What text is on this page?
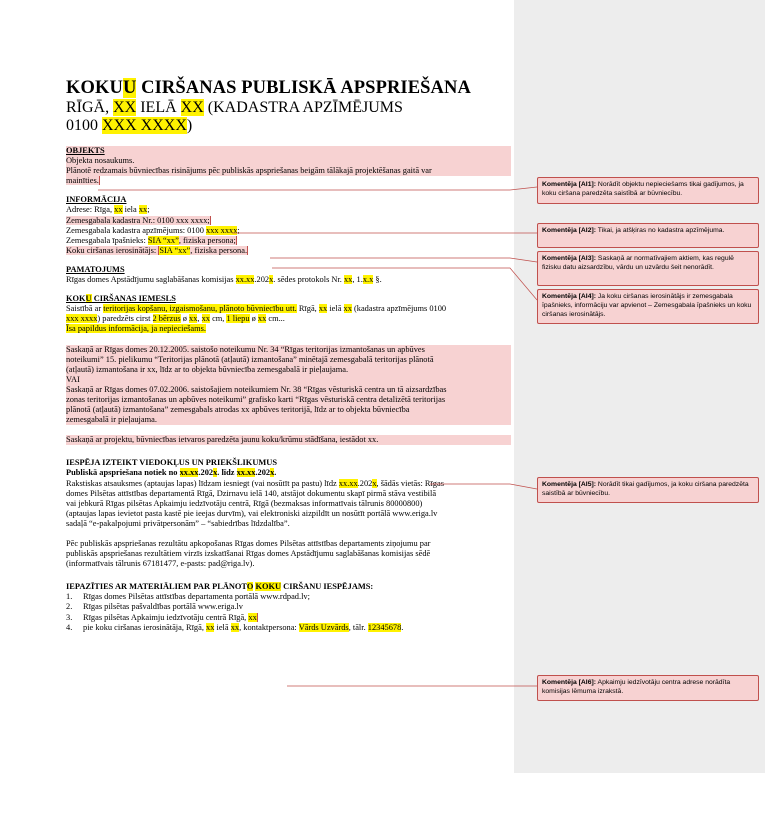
KOKUU CIRŠANAS PUBLISKĀ APSPRIEŠANA

RĪGĀ, XX IELĀ XX (KADASTRA APZĪMĒJUMS

0100 XXX XXXX)

OBJEKTS
Objekta nosaukums.
Plānotē redzamais būvniecības risinājums pēc publiskās apspriešanas beigām tālākajā projektēšanas gaitā var
mainīties.
INFORMĀCIJA
Adrese: Rīga, xx iela xx;
Zemesgabala kadastra Nr.: 0100 xxx xxxx;
Zemesgabala kadastra apzīmējums: 0100 xxx xxxx;
Zemesgabala īpašnieks: SIA “xx”, fiziska persona;
Koku ciršanas ierosinātājs: SIA “xx”, fiziska persona.
PAMATOJUMS
Rīgas domes Apstādījumu saglabāšanas komisijas xx.xx.202x. sēdes protokols Nr. xx, 1.x.x §.
KOKU CIRŠANAS IEMESLS
Saistībā ar teritorijas kopšanu, izgaismošanu, plānoto būvniecību utt. Rīgā, xx ielā xx (kadastra apzīmējums 0100
xxx xxxx) paredzēts cirst 2 bērzus ø xx, xx cm, 1 liepu ø xx cm...
Īsa papildus informācija, ja nepieciešams.
Saskaņā ar Rīgas domes 20.12.2005. saistošo noteikumu Nr. 34 “Rīgas teritorijas izmantošanas un apbūves
noteikumi” 15. pielikumu “Teritorijas plānotā (atļautā) izmantošana” minētajā zemesgabalā teritorijas plānotā
(atļautā) izmantošana ir xx, līdz ar to objekta būvniecība zemesgabalā ir pieļaujama.
VAI
Saskaņā ar Rīgas domes 07.02.2006. saistošajiem noteikumiem Nr. 38 “Rīgas vēsturiskā centra un tā aizsardzības
zonas teritorijas izmantošanas un apbūves noteikumi” grafisko karti “Rīgas vēsturiskā centra detalizētā teritorijas
plānotā (atļautā) izmantošana” zemesgabals atrodas xx apbūves teritorijā, līdz ar to objekta būvniecība
zemesgabalā ir pieļaujama.
Saskaņā ar projektu, būvniecības ietvaros paredzēta jaunu koku/krūmu stādīšana, iestādot xx.
IESPĒJA IZTEIKT VIEDOKĻUS UN PRIEKŠLIKUMUS
Publiskā apspriešana notiek no xx.xx.202x. līdz xx.xx.202x.
Rakstiskas atsauksmes (aptaujas lapas) līdzam iesniegt (vai nosūtīt pa pastu) līdz xx.xx.202x, šādās vietās: Rīgas
domes Pilsētas attīstības departamentā Rīgā, Dzirnavu ielā 140, atstājot dokumentu skapī pirmā stāva vestibilā
vai jebkurā Rīgas pilsētas Apkaimju iedzīvotāju centrā, Rīgā (bezmaksas informatīvais tālrunis 80000800)
(aptaujas lapas ievietot pasta kastē pie ieejas durvīm), vai elektroniski aizpildīt un nosūtīt portālā www.eriga.lv
sadaļā “e-pakalpojumi privātpersonām” – “sabiedrības līdzdalība”.
Pēc publiskās apspriešanas rezultātu apkopošanas Rīgas domes Pilsētas attīstības departaments ziņojumu par
publiskās apspriešanas rezultātiem virzīs izskatīšanai Rīgas domes Apstādījumu saglabāšanas komisijas sēdē
(informatīvais tālrunis 67181477, e-pasts: pad@riga.lv).
IEPAZĪTIES AR MATERIĀLIEM PAR PLĀNOTO KOKU CIRŠANU IESPĒJAMS:
1. Rīgas domes Pilsētas attīstības departamenta portālā www.rdpad.lv;
2. Rīgas pilsētas pašvaldības portālā www.eriga.lv
3. Rīgas pilsētas Apkaimju iedzīvotāju centrā Rīgā, xx
4. pie koku ciršanas ierosinātāja, Rīgā, xx ielā xx, kontaktpersona: Vārds Uzvārds, tālr. 12345678.
Komentēja [AI1]: Norādīt objektu nepieciešams tikai gadījumos, ja koku ciršana paredzēta saistībā ar būvniecību.
Komentēja [AI2]: Tikai, ja atšķiras no kadastra apzīmējuma.
Komentēja [AI3]: Saskaņā ar normatīvajiem aktiem, kas regulē fizisku datu aizsardzību, vārdu un uzvārdu šeit nenorādīt.
Komentēja [AI4]: Ja koku ciršanas ierosinātājs ir zemesgabala īpašnieks, informāciju var apvienot – Zemesgabala īpašnieks un koku ciršanas ierosinātājs.
Komentēja [AI5]: Norādīt tikai gadījumos, ja koku ciršana paredzēta saistībā ar būvniecību.
Komentēja [AI6]: Apkaimju iedzīvotāju centra adrese norādīta komisijas lēmuma izrakstā.
